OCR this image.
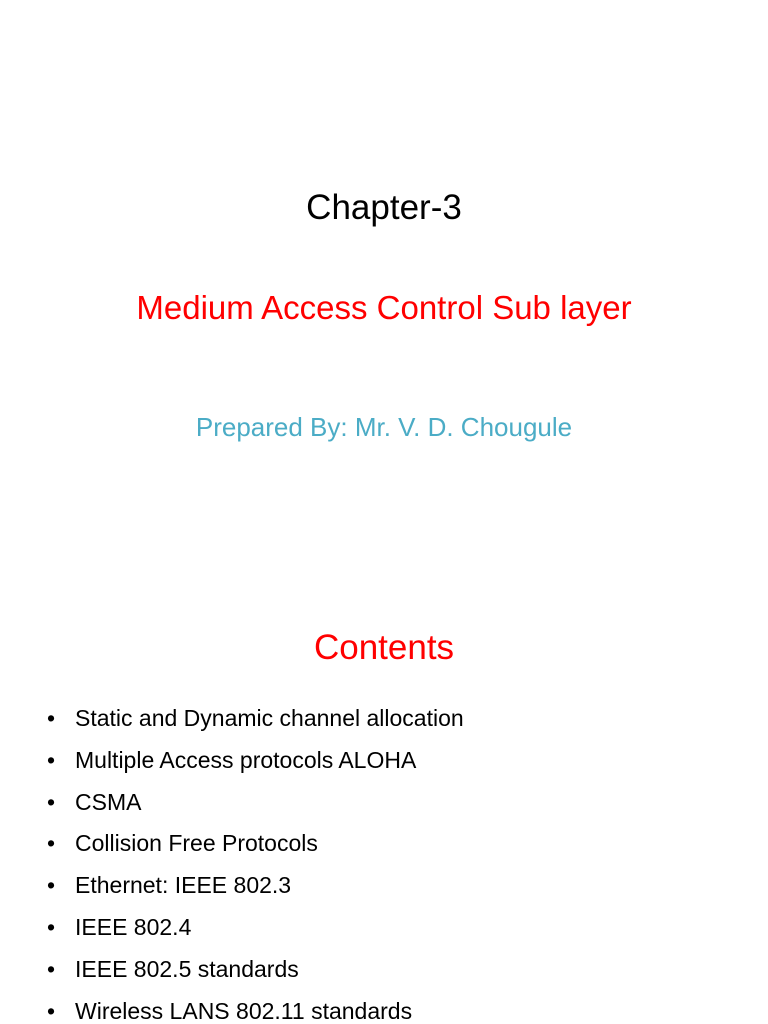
Chapter-3
Medium Access Control Sub layer
Prepared By: Mr. V. D. Chougule
Contents
• Static and Dynamic channel allocation
• Multiple Access protocols ALOHA
• CSMA
• Collision Free Protocols
• Ethernet: IEEE 802.3
• IEEE 802.4
• IEEE 802.5 standards
• Wireless LANS 802.11 standards
